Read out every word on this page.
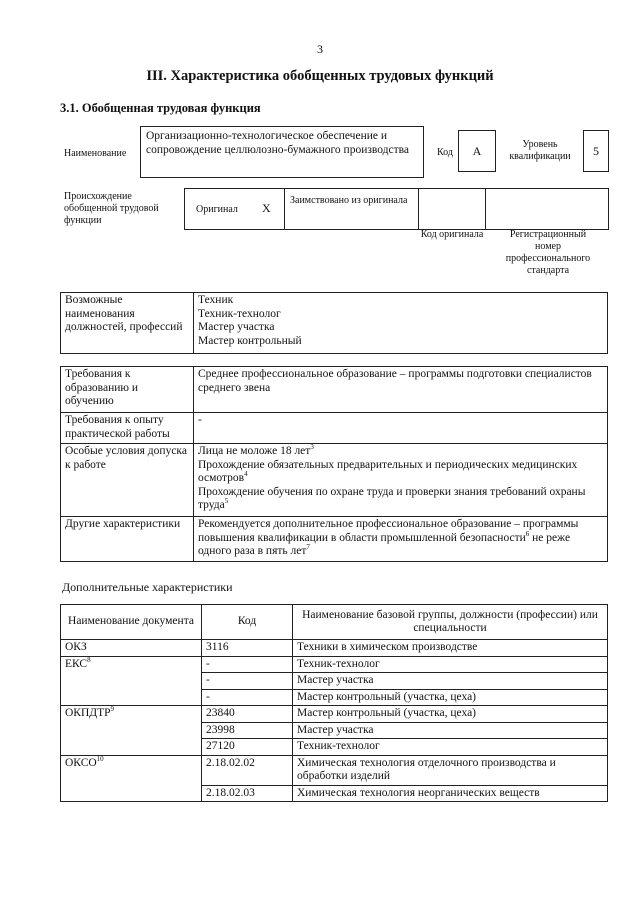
3
III. Характеристика обобщенных трудовых функций
3.1. Обобщенная трудовая функция
Наименование
Организационно-технологическое обеспечение и сопровождение целлюлозно-бумажного производства	Код	А	Уровень квалификации	5
Происхождение обобщенной трудовой функции
Оригинал X
Заимствовано из оригинала
Код оригинала	Регистрационный номер профессионального стандарта
Возможные наименования должностей, профессий	
Техник
Техник-технолог
Мастер участка
Мастер контрольный
Требования к образованию и обучению	Среднее профессиональное образование – программы подготовки специалистов среднего звена
Требования к опыту практической работы	-
Особые условия допуска к работе	Лица не моложе 18 лет$^3$
Прохождение обязательных предварительных и периодических медицинских осмотров$^4$
Прохождение обучения по охране труда и проверки знания требований охраны труда$^5$

Другие характеристики	Рекомендуется дополнительное профессиональное образование – программы повышения квалификации в области промышленной безопасности$^6$ не реже одного раза в пять лет$^7$
Дополнительные характеристики
Наименование документа	Код	Наименование базовой группы, должности (профессии) или специальности
ОКЗ	3116	Техники в химическом производстве
ЕКС$^8$	-	Техник-технолог
	-	Мастер участка
	-	Мастер контрольный (участка, цеха)
ОКПДТР$^9$	23840	Мастер контрольный (участка, цеха)
	23998	Мастер участка
	27120	Техник-технолог
ОКСО$^{10}$	2.18.02.02	Химическая технология отделочного производства и обработки изделий
	2.18.02.03	Химическая технология неорганических веществ
